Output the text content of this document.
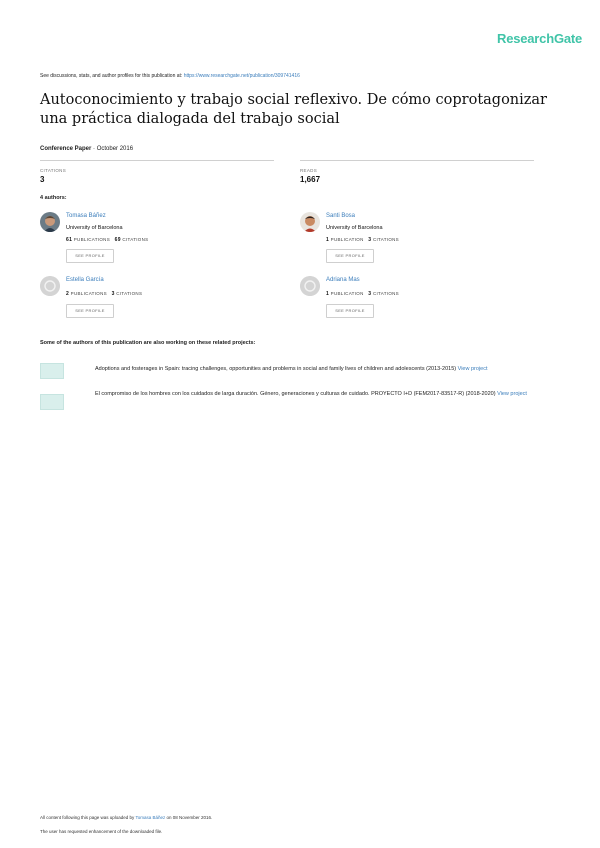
ResearchGate
See discussions, stats, and author profiles for this publication at: https://www.researchgate.net/publication/309741416
Autoconocimiento y trabajo social reflexivo. De cómo coprotagonizar una práctica dialogada del trabajo social
Conference Paper · October 2016
CITATIONS
3
READS
1,667
4 authors:
Tomasa Báñez
University of Barcelona
61 PUBLICATIONS 69 CITATIONS
SEE PROFILE
Santi Bosa
University of Barcelona
1 PUBLICATION 3 CITATIONS
SEE PROFILE
Estella García
2 PUBLICATIONS 3 CITATIONS
SEE PROFILE
Adriana Mas
1 PUBLICATION 3 CITATIONS
SEE PROFILE
Some of the authors of this publication are also working on these related projects:
Adoptions and fosterages in Spain: tracing challenges, opportunities and problems in social and family lives of children and adolescents (2013-2015) View project
El compromiso de los hombres con los cuidados de larga duración. Género, generaciones y culturas de cuidado. PROYECTO I+D (FEM2017-83517-R) (2018-2020) View project
All content following this page was uploaded by Tomasa Báñez on 08 November 2016.
The user has requested enhancement of the downloaded file.
